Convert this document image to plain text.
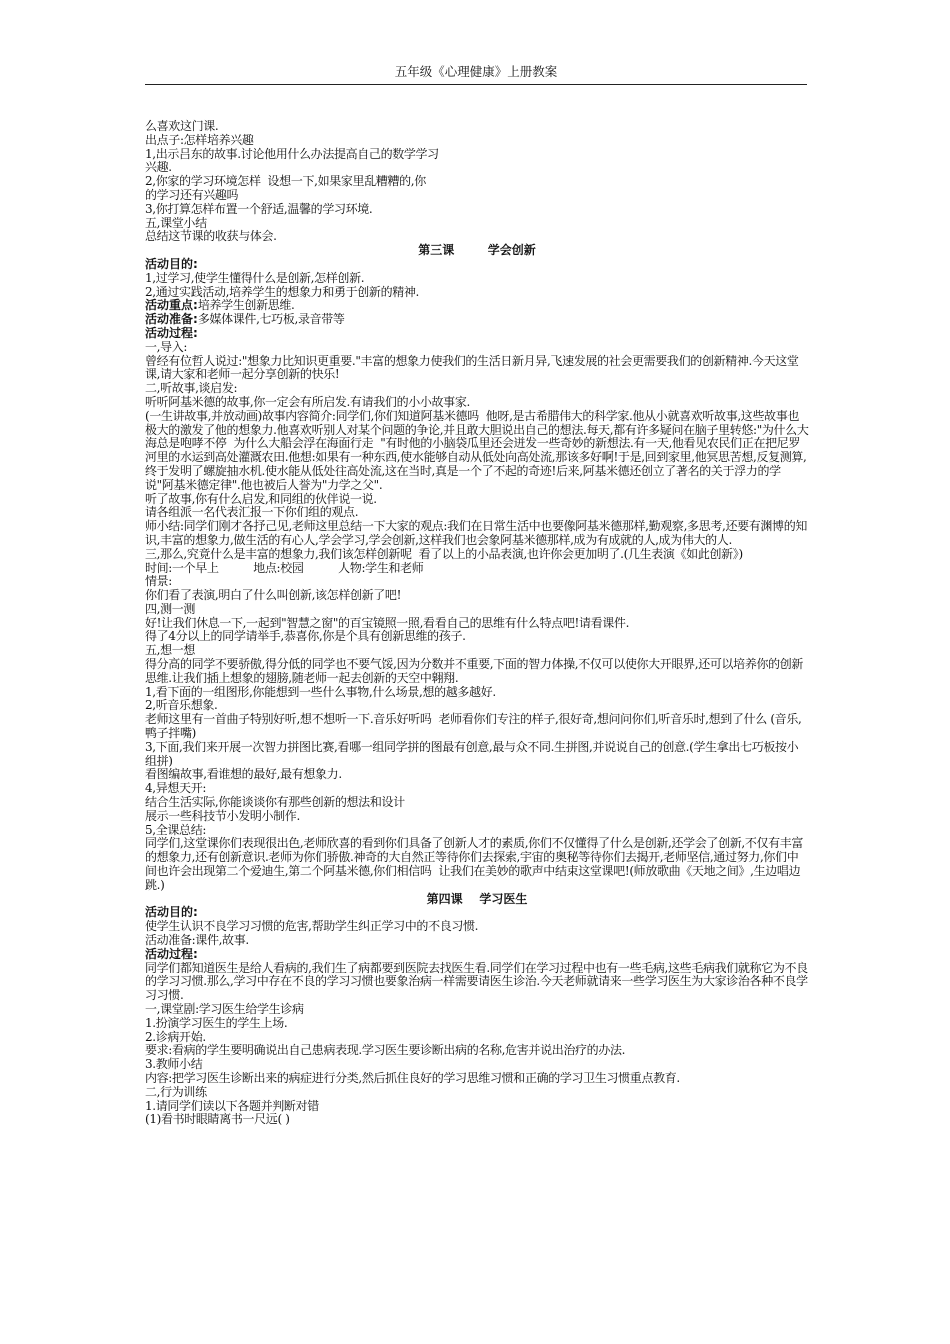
五年级《心理健康》上册教案

么喜欢这门课.

出点子:怎样培养兴趣

1,出示吕东的故事.讨论他用什么办法提高自己的数学学习

兴趣.

2,你家的学习环境怎样  设想一下,如果家里乱糟糟的,你

的学习还有兴趣吗

3,你打算怎样布置一个舒适,温馨的学习环境.

五,课堂小结

总结这节课的收获与体会.

第三课        学会创新

活动目的:

1,过学习,使学生懂得什么是创新,怎样创新.

2,通过实践活动,培养学生的想象力和勇于创新的精神.

活动重点:培养学生创新思维.

活动准备:多媒体课件,七巧板,录音带等

活动过程:

一,导入:

曾经有位哲人说过:"想象力比知识更重要."丰富的想象力使我们的生活日新月异,飞速发展的社会更需要我们的创新精神.今天这堂课,请大家和老师一起分享创新的快乐!

二,听故事,谈启发:

听听阿基米德的故事,你一定会有所启发.有请我们的小小故事家.

(一生讲故事,并放动画)故事内容简介:同学们,你们知道阿基米德吗  他呀,是古希腊伟大的科学家.他从小就喜欢听故事,这些故事也极大的激发了他的想象力.他喜欢听别人对某个问题的争论,并且敢大胆说出自己的想法.每天,都有许多疑问在脑子里转悠:"为什么大海总是咆哮不停  为什么大船会浮在海面行走  "有时他的小脑袋瓜里还会迸发一些奇妙的新想法.有一天,他看见农民们正在把尼罗河里的水运到高处灌溉农田.他想:如果有一种东西,使水能够自动从低处向高处流,那该多好啊!于是,回到家里,他冥思苦想,反复测算,终于发明了螺旋抽水机.使水能从低处往高处流,这在当时,真是一个了不起的奇迹!后来,阿基米德还创立了著名的关于浮力的学说"阿基米德定律".他也被后人誉为"力学之父".

听了故事,你有什么启发,和同组的伙伴说一说.

请各组派一名代表汇报一下你们组的观点.

师小结:同学们刚才各抒己见,老师这里总结一下大家的观点:我们在日常生活中也要像阿基米德那样,勤观察,多思考,还要有渊博的知识,丰富的想象力,做生活的有心人,学会学习,学会创新,这样我们也会象阿基米德那样,成为有成就的人,成为伟大的人.

三,那么,究竟什么是丰富的想象力,我们该怎样创新呢  看了以上的小品表演,也许你会更加明了.(几生表演《如此创新》)

时间:一个早上          地点:校园          人物:学生和老师

情景:

你们看了表演,明白了什么叫创新,该怎样创新了吧!

四,测一测

好!让我们休息一下,一起到"智慧之窗"的百宝镜照一照,看看自己的思维有什么特点吧!请看课件.

得了4分以上的同学请举手,恭喜你,你是个具有创新思维的孩子.

五,想一想

得分高的同学不要骄傲,得分低的同学也不要气馁,因为分数并不重要,下面的智力体操,不仅可以使你大开眼界,还可以培养你的创新思维.让我们插上想象的翅膀,随老师一起去创新的天空中翱翔.

1,看下面的一组图形,你能想到一些什么事物,什么场景,想的越多越好.

2,听音乐想象.

老师这里有一首曲子特别好听,想不想听一下.音乐好听吗  老师看你们专注的样子,很好奇,想问问你们,听音乐时,想到了什么 (音乐,鸭子拌嘴)

3,下面,我们来开展一次智力拼图比赛,看哪一组同学拼的图最有创意,最与众不同.生拼图,并说说自己的创意.(学生拿出七巧板按小组拼)

看图编故事,看谁想的最好,最有想象力.

4,异想天开:

结合生活实际,你能谈谈你有那些创新的想法和设计

展示一些科技节小发明小制作.

5,全课总结:

同学们,这堂课你们表现很出色,老师欣喜的看到你们具备了创新人才的素质,你们不仅懂得了什么是创新,还学会了创新,不仅有丰富的想象力,还有创新意识.老师为你们骄傲.神奇的大自然正等待你们去探索,宇宙的奥秘等待你们去揭开,老师坚信,通过努力,你们中间也许会出现第二个爱迪生,第二个阿基米德,你们相信吗  让我们在美妙的歌声中结束这堂课吧!(师放歌曲《天地之间》,生边唱边跳.)

第四课    学习医生

活动目的:

使学生认识不良学习习惯的危害,帮助学生纠正学习中的不良习惯.

活动准备:课件,故事.

活动过程:

同学们都知道医生是给人看病的,我们生了病都要到医院去找医生看.同学们在学习过程中也有一些毛病,这些毛病我们就称它为不良的学习习惯.那么,学习中存在不良的学习习惯也要象治病一样需要请医生诊治.今天老师就请来一些学习医生为大家诊治各种不良学习习惯.

一,课堂剧:学习医生给学生诊病

1.扮演学习医生的学生上场.

2.诊病开始.

要求:看病的学生要明确说出自己患病表现.学习医生要诊断出病的名称,危害并说出治疗的办法.

3.教师小结

内容:把学习医生诊断出来的病症进行分类,然后抓住良好的学习思维习惯和正确的学习卫生习惯重点教育.

二,行为训练

1.请同学们读以下各题并判断对错

(1)看书时眼睛离书一尺远( )
